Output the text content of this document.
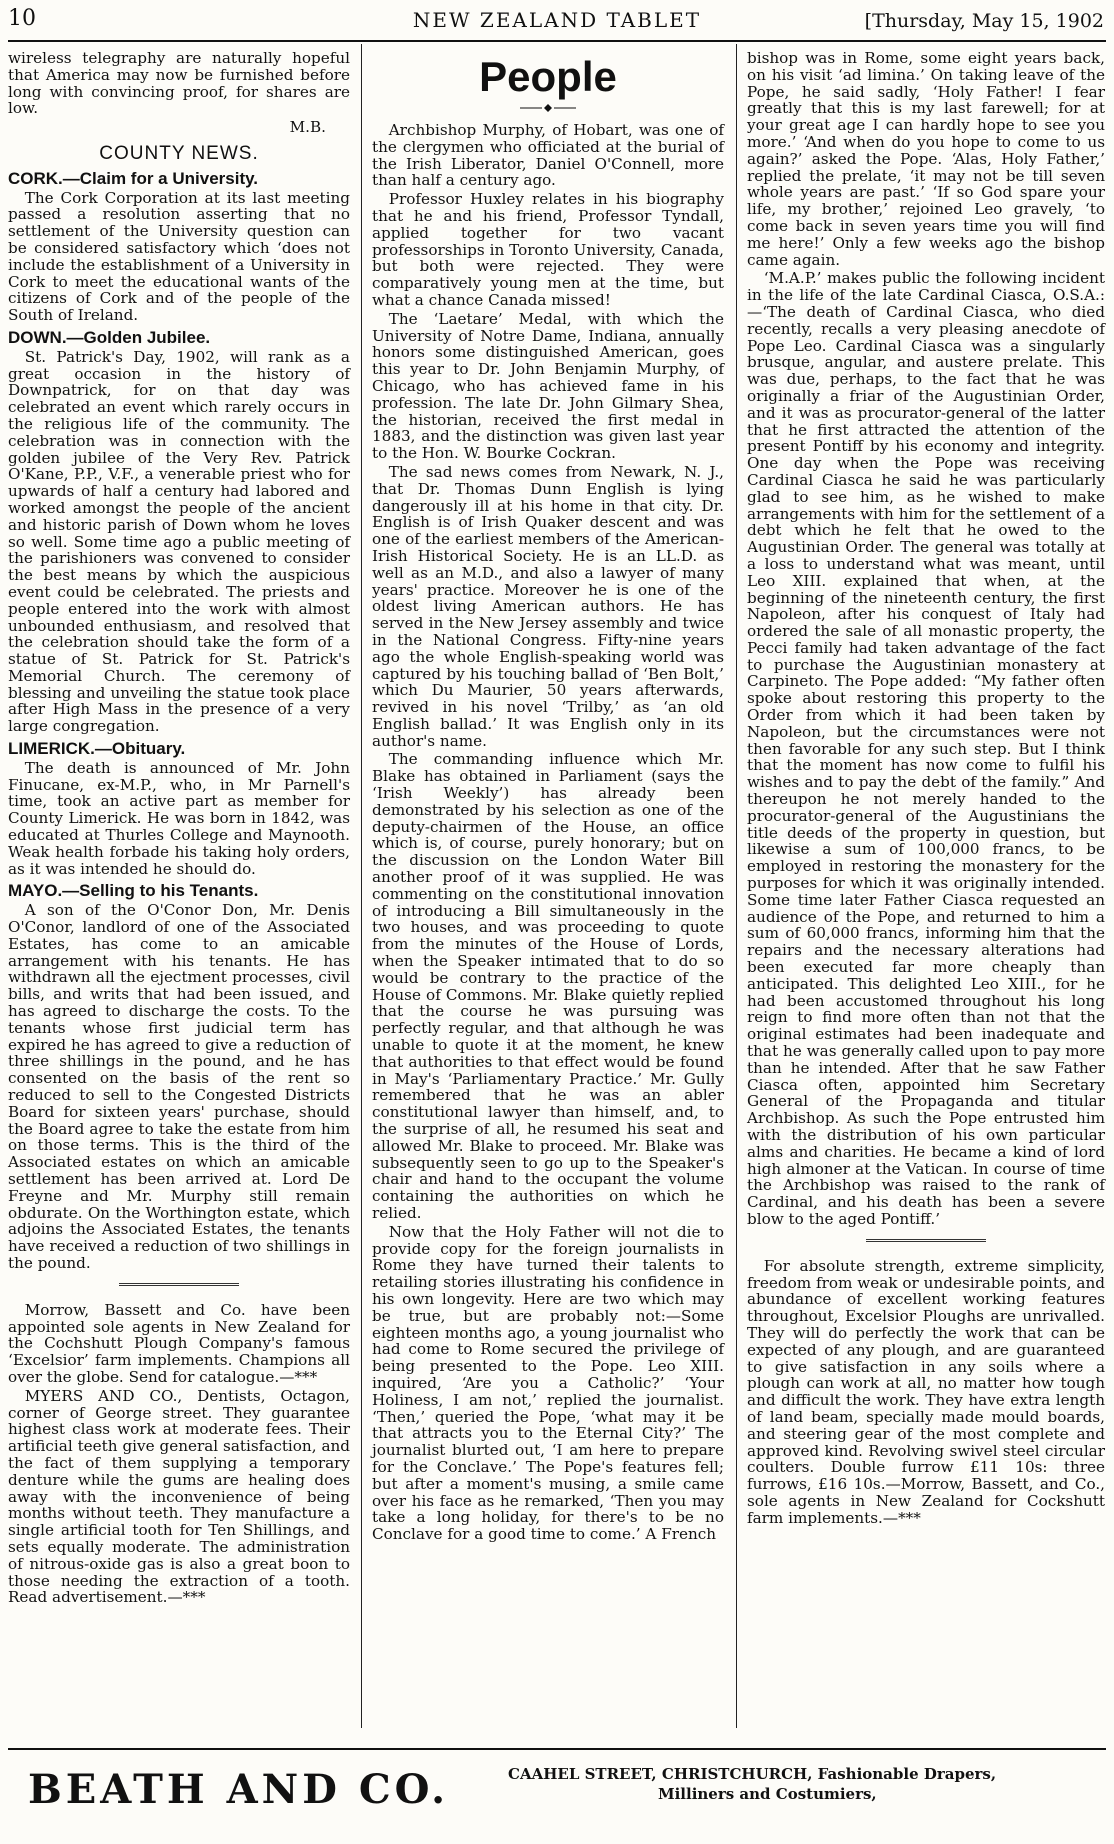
10	NEW ZEALAND TABLET	[Thursday, May 15, 1902

wireless telegraphy are naturally hopeful that America may now be furnished before long with convincing proof, for shares are low.

M.B.
COUNTY NEWS.
CORK.—Claim for a University.

The Cork Corporation at its last meeting passed a resolution asserting that no settlement of the University question can be considered satisfactory which ‘does not include the establishment of a University in Cork to meet the educational wants of the citizens of Cork and of the people of the South of Ireland.

DOWN.—Golden Jubilee.

St. Patrick's Day, 1902, will rank as a great occasion in the history of Downpatrick, for on that day was celebrated an event which rarely occurs in the religious life of the community. The celebration was in connection with the golden jubilee of the Very Rev. Patrick O'Kane, P.P., V.F., a venerable priest who for upwards of half a century had labored and worked amongst the people of the ancient and historic parish of Down whom he loves so well. Some time ago a public meeting of the parishioners was convened to consider the best means by which the auspicious event could be celebrated. The priests and people entered into the work with almost unbounded enthusiasm, and resolved that the celebration should take the form of a statue of St. Patrick for St. Patrick's Memorial Church. The ceremony of blessing and unveiling the statue took place after High Mass in the presence of a very large congregation.

LIMERICK.—Obituary.

The death is announced of Mr. John Finucane, ex-M.P., who, in Mr Parnell's time, took an active part as member for County Limerick. He was born in 1842, was educated at Thurles College and Maynooth. Weak health forbade his taking holy orders, as it was intended he should do.

MAYO.—Selling to his Tenants.

A son of the O'Conor Don, Mr. Denis O'Conor, landlord of one of the Associated Estates, has come to an amicable arrangement with his tenants. He has withdrawn all the ejectment processes, civil bills, and writs that had been issued, and has agreed to discharge the costs. To the tenants whose first judicial term has expired he has agreed to give a reduction of three shillings in the pound, and he has consented on the basis of the rent so reduced to sell to the Congested Districts Board for sixteen years' purchase, should the Board agree to take the estate from him on those terms. This is the third of the Associated estates on which an amicable settlement has been arrived at. Lord De Freyne and Mr. Murphy still remain obdurate. On the Worthington estate, which adjoins the Associated Estates, the tenants have received a reduction of two shillings in the pound.

Morrow, Bassett and Co. have been appointed sole agents in New Zealand for the Cochshutt Plough Company's famous ‘Excelsior’ farm implements. Champions all over the globe. Send for catalogue.—***

MYERS AND CO., Dentists, Octagon, corner of George street. They guarantee highest class work at moderate fees. Their artificial teeth give general satisfaction, and the fact of them supplying a temporary denture while the gums are healing does away with the inconvenience of being months without teeth. They manufacture a single artificial tooth for Ten Shillings, and sets equally moderate. The administration of nitrous-oxide gas is also a great boon to those needing the extraction of a tooth. Read advertisement.—***

People

Archbishop Murphy, of Hobart, was one of the clergymen who officiated at the burial of the Irish Liberator, Daniel O'Connell, more than half a century ago.

Professor Huxley relates in his biography that he and his friend, Professor Tyndall, applied together for two vacant professorships in Toronto University, Canada, but both were rejected. They were comparatively young men at the time, but what a chance Canada missed!

The ‘Laetare’ Medal, with which the University of Notre Dame, Indiana, annually honors some distinguished American, goes this year to Dr. John Benjamin Murphy, of Chicago, who has achieved fame in his profession. The late Dr. John Gilmary Shea, the historian, received the first medal in 1883, and the distinction was given last year to the Hon. W. Bourke Cockran.

The sad news comes from Newark, N. J., that Dr. Thomas Dunn English is lying dangerously ill at his home in that city. Dr. English is of Irish Quaker descent and was one of the earliest members of the American-Irish Historical Society. He is an LL.D. as well as an M.D., and also a lawyer of many years' practice. Moreover he is one of the oldest living American authors. He has served in the New Jersey assembly and twice in the National Congress. Fifty-nine years ago the whole English-speaking world was captured by his touching ballad of ‘Ben Bolt,’ which Du Maurier, 50 years afterwards, revived in his novel ‘Trilby,’ as ‘an old English ballad.’ It was English only in its author's name.

The commanding influence which Mr. Blake has obtained in Parliament (says the ‘Irish Weekly’) has already been demonstrated by his selection as one of the deputy-chairmen of the House, an office which is, of course, purely honorary; but on the discussion on the London Water Bill another proof of it was supplied. He was commenting on the constitutional innovation of introducing a Bill simultaneously in the two houses, and was proceeding to quote from the minutes of the House of Lords, when the Speaker intimated that to do so would be contrary to the practice of the House of Commons. Mr. Blake quietly replied that the course he was pursuing was perfectly regular, and that although he was unable to quote it at the moment, he knew that authorities to that effect would be found in May's ‘Parliamentary Practice.’ Mr. Gully remembered that he was an abler constitutional lawyer than himself, and, to the surprise of all, he resumed his seat and allowed Mr. Blake to proceed. Mr. Blake was subsequently seen to go up to the Speaker's chair and hand to the occupant the volume containing the authorities on which he relied.

Now that the Holy Father will not die to provide copy for the foreign journalists in Rome they have turned their talents to retailing stories illustrating his confidence in his own longevity. Here are two which may be true, but are probably not:—Some eighteen months ago, a young journalist who had come to Rome secured the privilege of being presented to the Pope. Leo XIII. inquired, ‘Are you a Catholic?’ ‘Your Holiness, I am not,’ replied the journalist. ‘Then,’ queried the Pope, ‘what may it be that attracts you to the Eternal City?’ The journalist blurted out, ‘I am here to prepare for the Conclave.’ The Pope's features fell; but after a moment's musing, a smile came over his face as he remarked, ‘Then you may take a long holiday, for there's to be no Conclave for a good time to come.’ A French

bishop was in Rome, some eight years back, on his visit ‘ad limina.’ On taking leave of the Pope, he said sadly, ‘Holy Father! I fear greatly that this is my last farewell; for at your great age I can hardly hope to see you more.’ ‘And when do you hope to come to us again?’ asked the Pope. ‘Alas, Holy Father,’ replied the prelate, ‘it may not be till seven whole years are past.’ ‘If so God spare your life, my brother,’ rejoined Leo gravely, ‘to come back in seven years time you will find me here!’ Only a few weeks ago the bishop came again.

‘M.A.P.’ makes public the following incident in the life of the late Cardinal Ciasca, O.S.A.:—‘The death of Cardinal Ciasca, who died recently, recalls a very pleasing anecdote of Pope Leo. Cardinal Ciasca was a singularly brusque, angular, and austere prelate. This was due, perhaps, to the fact that he was originally a friar of the Augustinian Order, and it was as procurator-general of the latter that he first attracted the attention of the present Pontiff by his economy and integrity. One day when the Pope was receiving Cardinal Ciasca he said he was particularly glad to see him, as he wished to make arrangements with him for the settlement of a debt which he felt that he owed to the Augustinian Order. The general was totally at a loss to understand what was meant, until Leo XIII. explained that when, at the beginning of the nineteenth century, the first Napoleon, after his conquest of Italy had ordered the sale of all monastic property, the Pecci family had taken advantage of the fact to purchase the Augustinian monastery at Carpineto. The Pope added: “My father often spoke about restoring this property to the Order from which it had been taken by Napoleon, but the circumstances were not then favorable for any such step. But I think that the moment has now come to fulfil his wishes and to pay the debt of the family.” And thereupon he not merely handed to the procurator-general of the Augustinians the title deeds of the property in question, but likewise a sum of 100,000 francs, to be employed in restoring the monastery for the purposes for which it was originally intended. Some time later Father Ciasca requested an audience of the Pope, and returned to him a sum of 60,000 francs, informing him that the repairs and the necessary alterations had been executed far more cheaply than anticipated. This delighted Leo XIII., for he had been accustomed throughout his long reign to find more often than not that the original estimates had been inadequate and that he was generally called upon to pay more than he intended. After that he saw Father Ciasca often, appointed him Secretary General of the Propaganda and titular Archbishop. As such the Pope entrusted him with the distribution of his own particular alms and charities. He became a kind of lord high almoner at the Vatican. In course of time the Archbishop was raised to the rank of Cardinal, and his death has been a severe blow to the aged Pontiff.’

For absolute strength, extreme simplicity, freedom from weak or undesirable points, and abundance of excellent working features throughout, Excelsior Ploughs are unrivalled. They will do perfectly the work that can be expected of any plough, and are guaranteed to give satisfaction in any soils where a plough can work at all, no matter how tough and difficult the work. They have extra length of land beam, specially made mould boards, and steering gear of the most complete and approved kind. Revolving swivel steel circular coulters. Double furrow £11 10s: three furrows, £16 10s.—Morrow, Bassett, and Co., sole agents in New Zealand for Cockshutt farm implements.—***

BEATH AND CO.	CAAHEL STREET, CHRISTCHURCH, Fashionable Drapers,
Milliners and Costumiers,
